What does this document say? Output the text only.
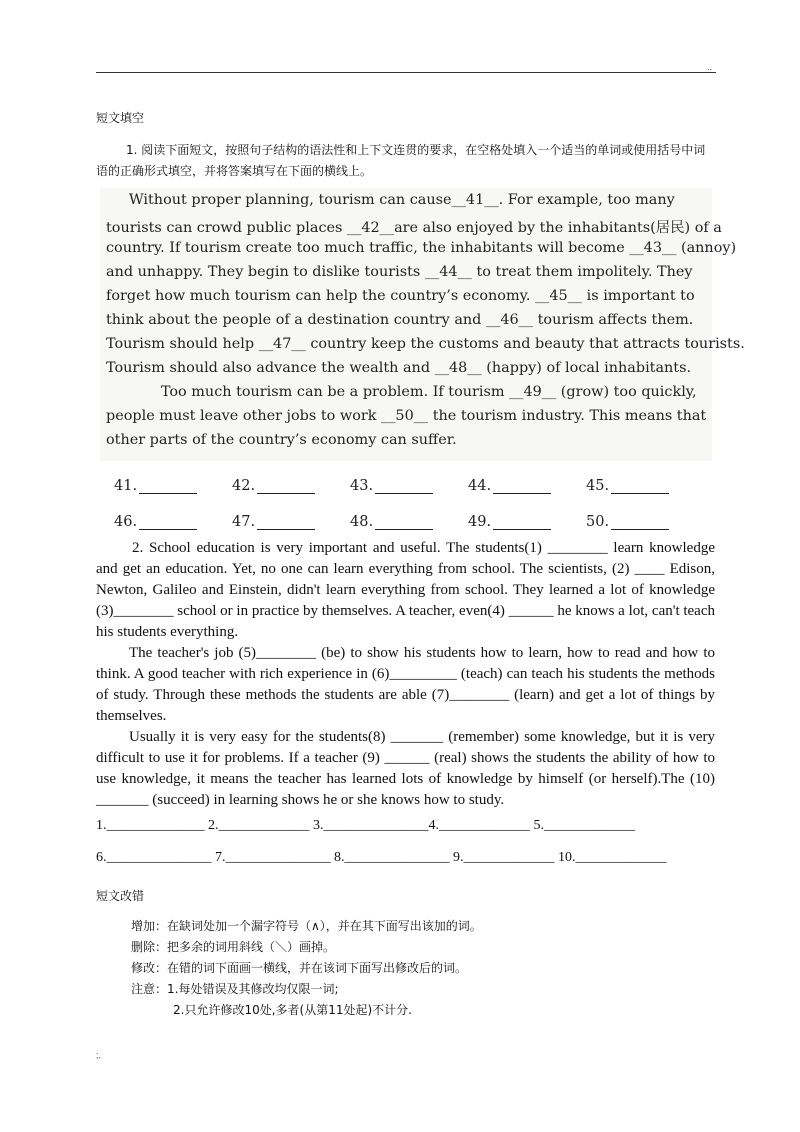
..
短文填空

1. 阅读下面短文，按照句子结构的语法性和上下文连贯的要求，在空格处填入一个适当的单词或使用括号中词语的正确形式填空，并将答案填写在下面的横线上。

Without proper planning, tourism can cause__41__. For example, too many
tourists can crowd public places __42__are also enjoyed by the inhabitants(居民) of a
country. If tourism create too much traffic, the inhabitants will become __43__ (annoy)
and unhappy. They begin to dislike tourists __44__ to treat them impolitely. They
forget how much tourism can help the country’s economy. __45__ is important to
think about the people of a destination country and __46__ tourism affects them.
Tourism should help __47__ country keep the customs and beauty that attracts tourists.
Tourism should also advance the wealth and __48__ (happy) of local inhabitants.
Too much tourism can be a problem. If tourism __49__ (grow) too quickly,
people must leave other jobs to work __50__ the tourism industry. This means that
other parts of the country’s economy can suffer.
41.	42.	43.	44.	45.
46.	47.	48.	49.	50.

2. School education is very important and useful. The students(1) ________ learn knowledge and get an education. Yet, no one can learn everything from school. The scientists, (2) ____ Edison, Newton, Galileo and Einstein, didn't learn everything from school. They learned a lot of knowledge (3)________ school or in practice by themselves. A teacher, even(4) ______ he knows a lot, can't teach his students everything.

The teacher's job (5)________ (be) to show his students how to learn, how to read and how to think. A good teacher with rich experience in (6)_________ (teach) can teach his students the methods of study. Through these methods the students are able (7)________ (learn) and get a lot of things by themselves.

Usually it is very easy for the students(8) _______ (remember) some knowledge, but it is very difficult to use it for problems. If a teacher (9) ______ (real) shows the students the ability of how to use knowledge, it means the teacher has learned lots of knowledge by himself (or herself).The (10) _______ (succeed) in learning shows he or she knows how to study.

1.______________ 2._____________ 3._______________4._____________ 5._____________
6._______________ 7._______________ 8._______________ 9._____________ 10._____________
短文改错

增加：在缺词处加一个漏字符号（∧），并在其下面写出该加的词。

删除：把多余的词用斜线（＼）画掉。

修改：在错的词下面画一横线，并在该词下面写出修改后的词。

注意：1.每处错误及其修改均仅限一词;

2.只允许修改10处,多者(从第11处起)不计分.

;.
